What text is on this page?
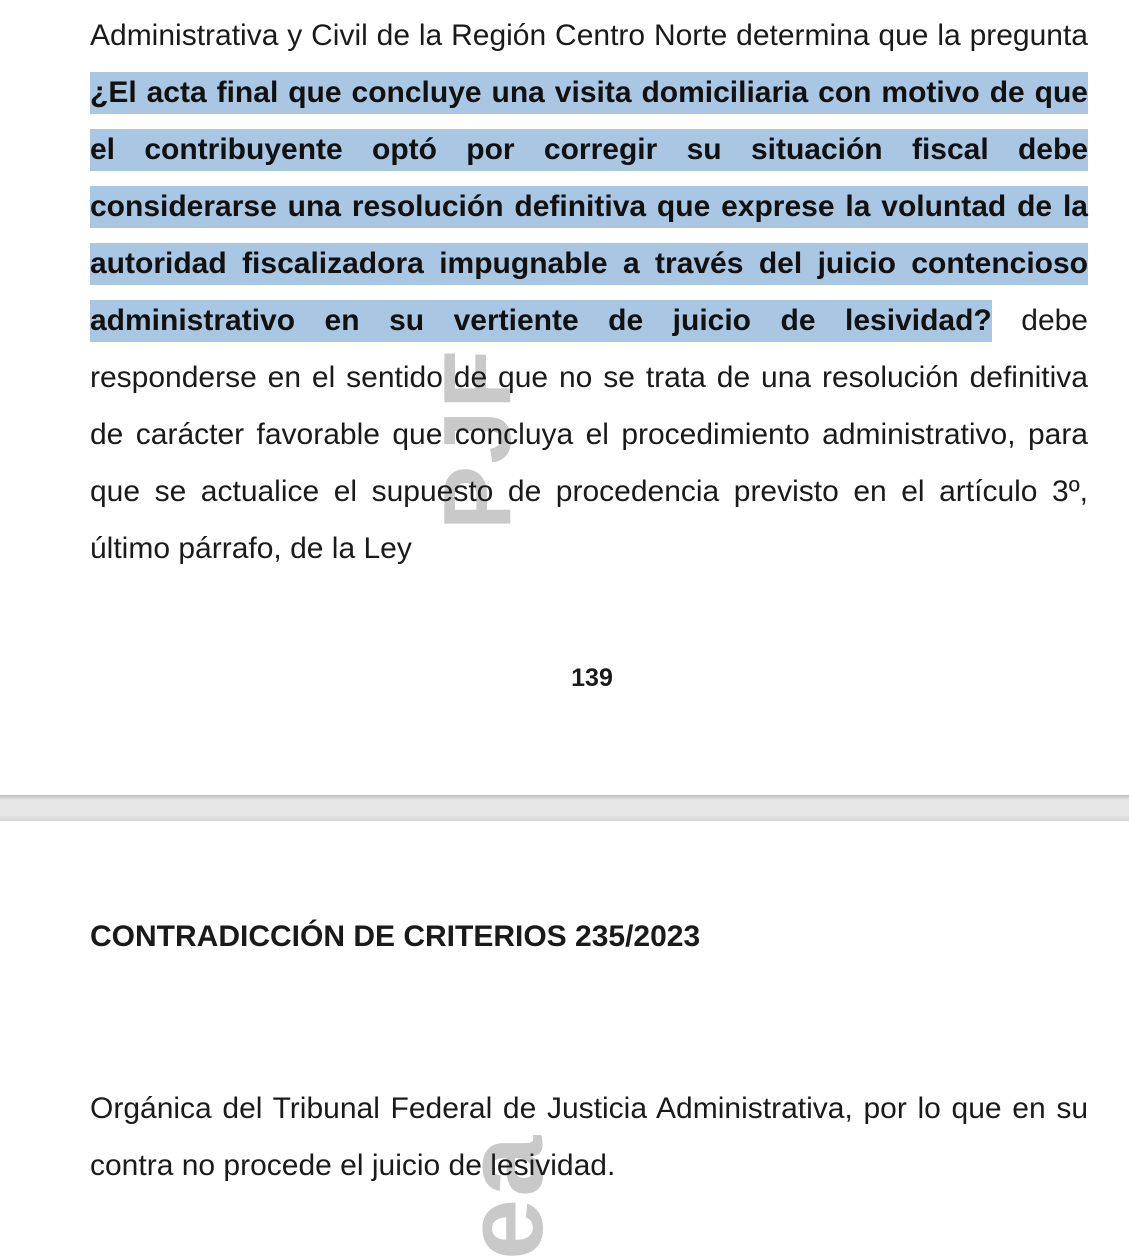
PJF
ea

Administrativa y Civil de la Región Centro Norte determina que la pregunta ¿El acta final que concluye una visita domiciliaria con motivo de que el contribuyente optó por corregir su situación fiscal debe considerarse una resolución definitiva que exprese la voluntad de la autoridad fiscalizadora impugnable a través del juicio contencioso administrativo en su vertiente de juicio de lesividad? debe responderse en el sentido de que no se trata de una resolución definitiva de carácter favorable que concluya el procedimiento administrativo, para que se actualice el supuesto de procedencia previsto en el artículo 3º, último párrafo, de la Ley

139
CONTRADICCIÓN DE CRITERIOS 235/2023

Orgánica del Tribunal Federal de Justicia Administrativa, por lo que en su contra no procede el juicio de lesividad.
